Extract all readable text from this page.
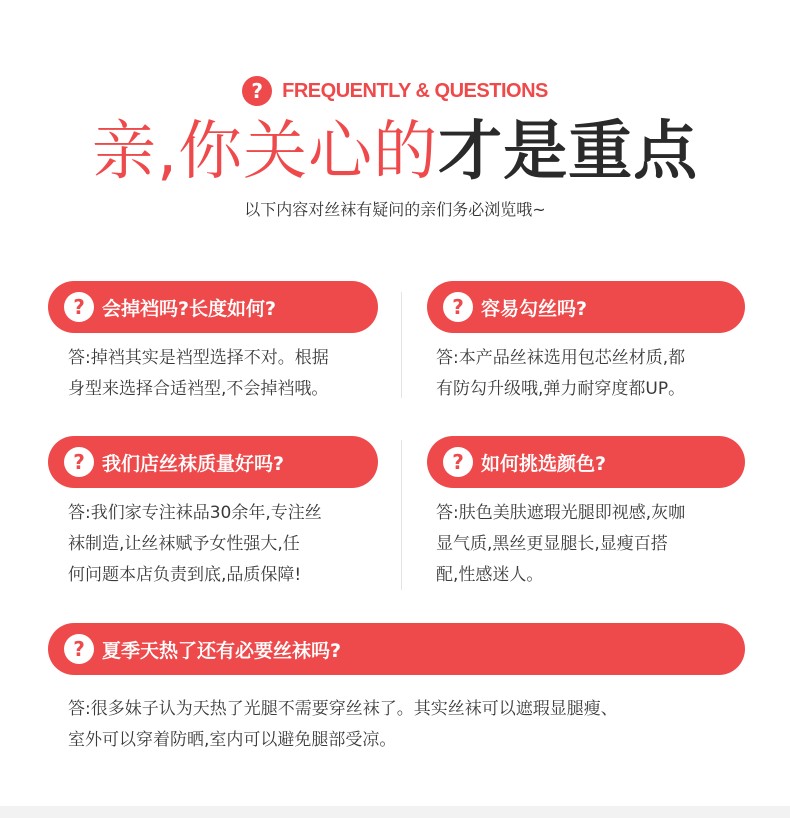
? FREQUENTLY & QUESTIONS
亲,你关心的才是重点
以下内容对丝袜有疑问的亲们务必浏览哦~
? 会掉裆吗?长度如何?
答:掉裆其实是裆型选择不对。根据
身型来选择合适裆型,不会掉裆哦。
? 容易勾丝吗?
答:本产品丝袜选用包芯丝材质,都
有防勾升级哦,弹力耐穿度都UP。
? 我们店丝袜质量好吗?
答:我们家专注袜品30余年,专注丝
袜制造,让丝袜赋予女性强大,任
何问题本店负责到底,品质保障!
? 如何挑选颜色?
答:肤色美肤遮瑕光腿即视感,灰咖
显气质,黑丝更显腿长,显瘦百搭
配,性感迷人。
? 夏季天热了还有必要丝袜吗?
答:很多妹子认为天热了光腿不需要穿丝袜了。其实丝袜可以遮瑕显腿瘦、
室外可以穿着防晒,室内可以避免腿部受凉。
